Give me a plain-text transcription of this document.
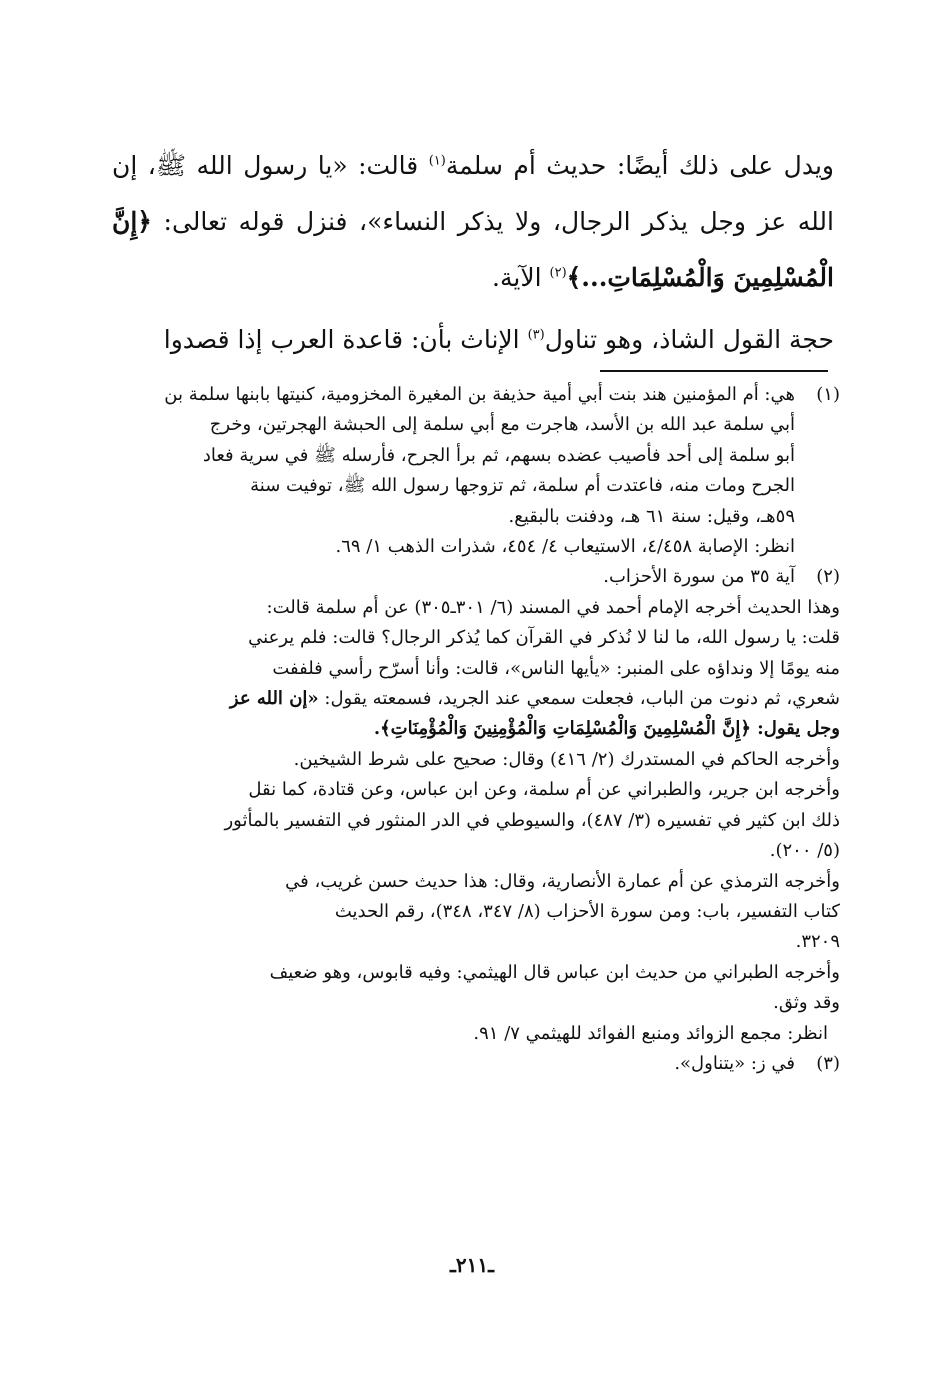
ويدل على ذلك أيضًا: حديث أم سلمة$^{(١)}$ قالت: «يا رسول الله ﷺ، إن الله عز وجل يذكر الرجال، ولا يذكر النساء»، فنزل قوله تعالى: ﴿إِنَّ الْمُسْلِمِينَ وَالْمُسْلِمَاتِ...﴾$^{(٢)}$ الآية.

حجة القول الشاذ، وهو تناول$^{(٣)}$ الإناث بأن: قاعدة العرب إذا قصدوا

(١)
هي: أم المؤمنين هند بنت أبي أمية حذيفة بن المغيرة المخزومية، كنيتها بابنها سلمة بن
أبي سلمة عبد الله بن الأسد، هاجرت مع أبي سلمة إلى الحبشة الهجرتين، وخرج
أبو سلمة إلى أحد فأصيب عضده بسهم، ثم برأ الجرح، فأرسله ﷺ في سرية فعاد
الجرح ومات منه، فاعتدت أم سلمة، ثم تزوجها رسول الله ﷺ، توفيت سنة
٥٩هـ، وقيل: سنة ٦١ هـ، ودفنت بالبقيع.
انظر: الإصابة ٤/٤٥٨، الاستيعاب ٤/ ٤٥٤، شذرات الذهب ١/ ٦٩.
(٢)
آية ٣٥ من سورة الأحزاب.
وهذا الحديث أخرجه الإمام أحمد في المسند (٦/ ٣٠١ـ٣٠٥) عن أم سلمة قالت:
قلت: يا رسول الله، ما لنا لا نُذكر في القرآن كما يُذكر الرجال؟ قالت: فلم يرعني
منه يومًا إلا ونداؤه على المنبر: «يأيها الناس»، قالت: وأنا أسرّح رأسي فلففت
شعري، ثم دنوت من الباب، فجعلت سمعي عند الجريد، فسمعته يقول: «إن الله عز
وجل يقول: ﴿إِنَّ الْمُسْلِمِينَ وَالْمُسْلِمَاتِ وَالْمُؤْمِنِينَ وَالْمُؤْمِنَاتِ﴾.
وأخرجه الحاكم في المستدرك (٢/ ٤١٦) وقال: صحيح على شرط الشيخين.
وأخرجه ابن جرير، والطبراني عن أم سلمة، وعن ابن عباس، وعن قتادة، كما نقل
ذلك ابن كثير في تفسيره (٣/ ٤٨٧)، والسيوطي في الدر المنثور في التفسير بالمأثور
(٥/ ٢٠٠).
وأخرجه الترمذي عن أم عمارة الأنصارية، وقال: هذا حديث حسن غريب، في
كتاب التفسير، باب: ومن سورة الأحزاب (٨/ ٣٤٧، ٣٤٨)، رقم الحديث
٣٢٠٩.
وأخرجه الطبراني من حديث ابن عباس قال الهيثمي: وفيه قابوس، وهو ضعيف
وقد وثق.
انظر: مجمع الزوائد ومنبع الفوائد للهيثمي ٧/ ٩١.
(٣)
في ز: «يتناول».
ـ٢١١ـ
